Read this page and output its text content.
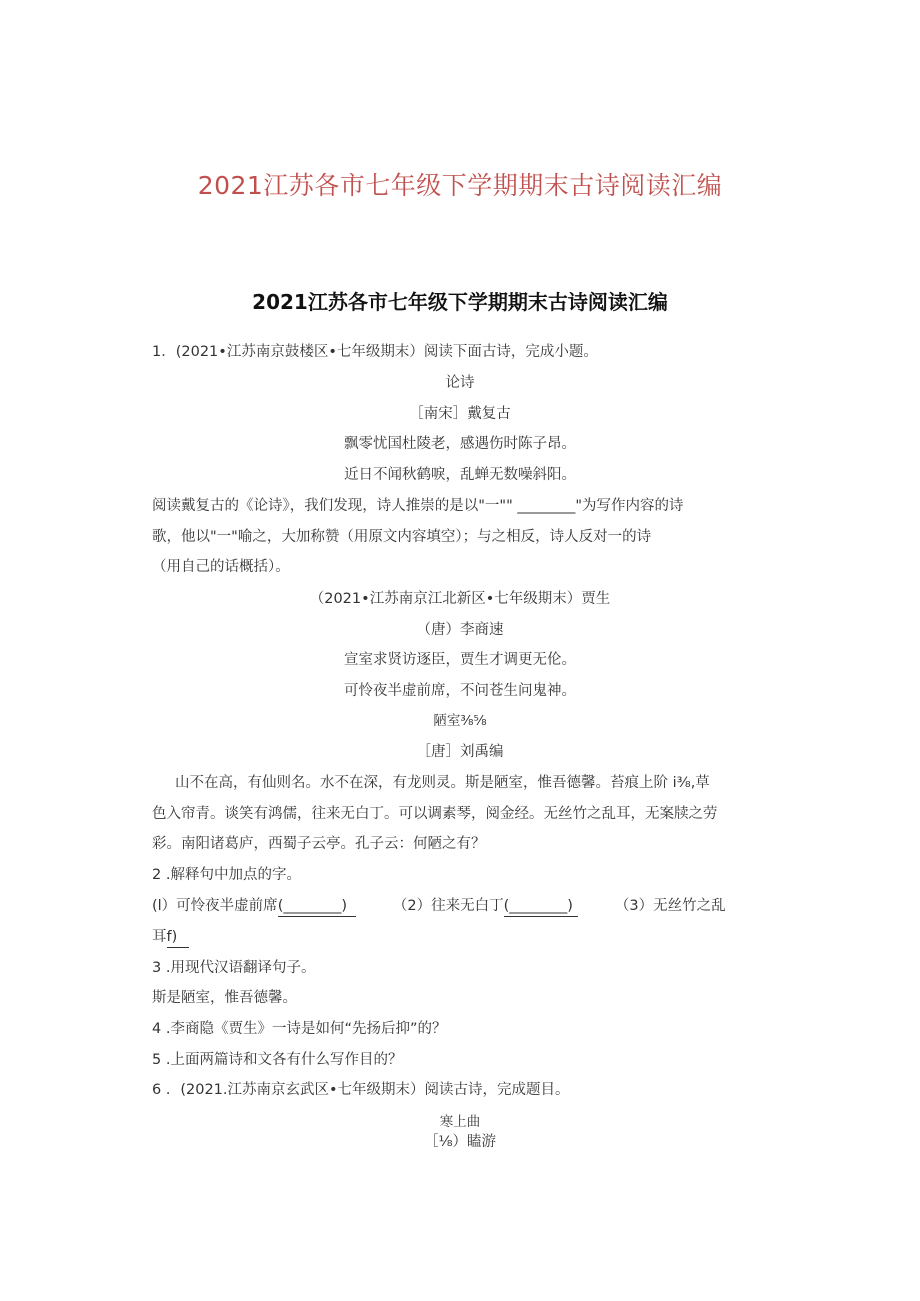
2021江苏各市七年级下学期期末古诗阅读汇编
2021江苏各市七年级下学期期末古诗阅读汇编
1．(2021•江苏南京鼓楼区•七年级期末）阅读下面古诗，完成小题。
论诗
［南宋］戴复古
飘零忧国杜陵老，感遇伤时陈子昂。
近日不闻秋鹤唳，乱蝉无数噪斜阳。
阅读戴复古的《论诗》，我们发现，诗人推崇的是以"一"" ________"为写作内容的诗
歌，他以"一"喻之，大加称赞（用原文内容填空）；与之相反，诗人反对一的诗
（用自己的话概括）。
（2021•江苏南京江北新区•七年级期末）贾生
（唐）李商速
宣室求贤访逐臣，贾生才调更无伦。
可怜夜半虚前席，不问苍生问鬼神。
陋室⅜⅝
［唐］刘禹编
山不在高，有仙则名。水不在深，有龙则灵。斯是陋室，惟吾德馨。苔痕上阶 i⅜,草
色入帘青。谈笑有鸿儒，往来无白丁。可以调素琴，阅金经。无丝竹之乱耳，无案牍之劳
彩。南阳诸葛庐，西蜀子云亭。孔子云：何陋之有？
2 .解释句中加点的字。
(l）可怜夜半虚前席(________)	（2）往来无白丁(________)	（3）无丝竹之乱
耳f)
3 .用现代汉语翻译句子。
斯是陋室，惟吾德馨。
4 .李商隐《贾生》一诗是如何“先扬后抑”的？
5 .上面两篇诗和文各有什么写作目的？
6 ．(2021.江苏南京玄武区•七年级期末）阅读古诗，完成题目。
寒上曲
［⅛）瞌游
